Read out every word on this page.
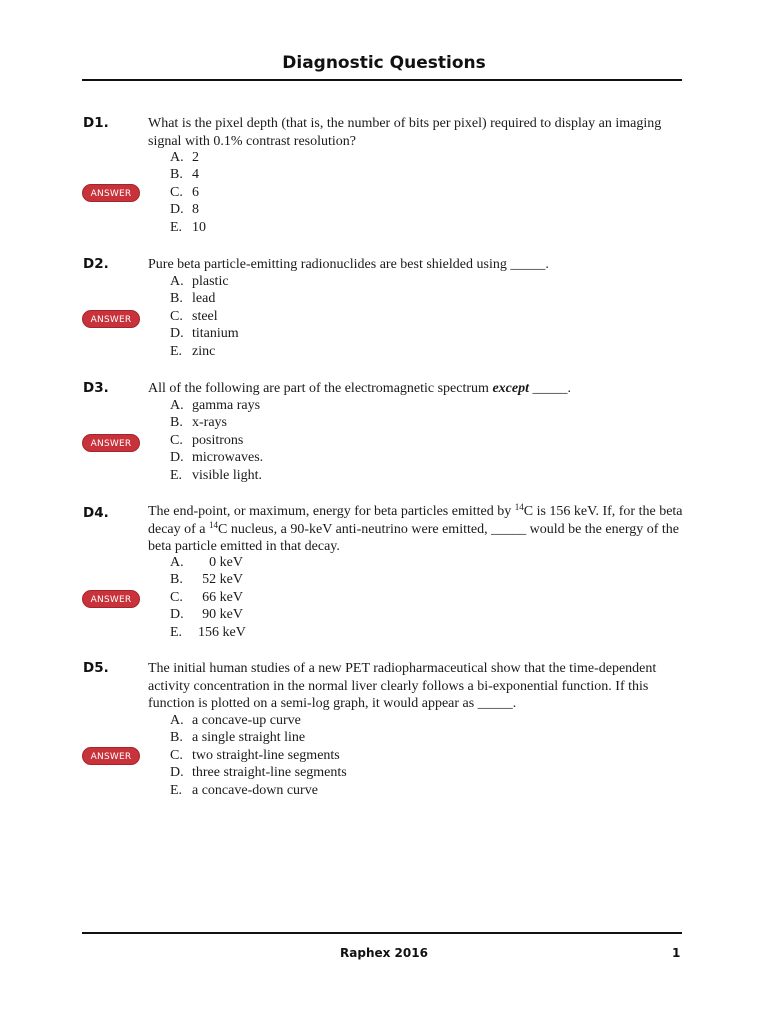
Diagnostic Questions
D1.	What is the pixel depth (that is, the number of bits per pixel) required to display an imaging signal with 0.1% contrast resolution?
A. 2
B. 4
C. 6
D. 8
E. 10
ANSWER
D2.	Pure beta particle-emitting radionuclides are best shielded using _____.
A. plastic
B. lead
C. steel
D. titanium
E. zinc
ANSWER
D3.	All of the following are part of the electromagnetic spectrum except _____.
A. gamma rays
B. x-rays
C. positrons
D. microwaves.
E. visible light.
ANSWER
D4.	The end-point, or maximum, energy for beta particles emitted by $^{14}$C is 156 keV. If, for the beta decay of a $^{14}$C nucleus, a 90-keV anti-neutrino were emitted, _____ would be the energy of the beta particle emitted in that decay.
A. 0 keV
B. 52 keV
C. 66 keV
D. 90 keV
E. 156 keV
ANSWER
D5.	The initial human studies of a new PET radiopharmaceutical show that the time-dependent activity concentration in the normal liver clearly follows a bi-exponential function. If this function is plotted on a semi-log graph, it would appear as _____.
A. a concave-up curve
B. a single straight line
C. two straight-line segments
D. three straight-line segments
E. a concave-down curve
ANSWER
Raphex 2016	1
